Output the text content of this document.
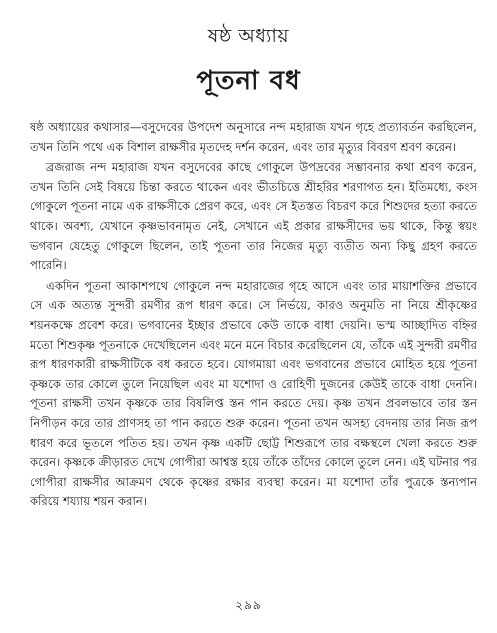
ষষ্ঠ অধ্যায়
পূতনা বধ

ষষ্ঠ অধ্যায়ের কথাসার—বসুদেবের উপদেশ অনুসারে নন্দ মহারাজ যখন গৃহে প্রত্যাবর্তন করছিলেন, তখন তিনি পথে এক বিশাল রাক্ষসীর মৃতদেহ দর্শন করেন, এবং তার মৃত্যুর বিবরণ শ্রবণ করেন।

ব্রজরাজ নন্দ মহারাজ যখন বসুদেবের কাছে গোকুলে উপদ্রবের সম্ভাবনার কথা শ্রবণ করেন, তখন তিনি সেই বিষয়ে চিন্তা করতে থাকেন এবং ভীতচিত্তে শ্রীহরির শরণাগত হন। ইতিমধ্যে, কংস গোকুলে পূতনা নামে এক রাক্ষসীকে প্রেরণ করে, এবং সে ইতস্তত বিচরণ করে শিশুদের হত্যা করতে থাকে। অবশ্য, যেখানে কৃষ্ণভাবনামৃত নেই, সেখানে এই প্রকার রাক্ষসীদের ভয় থাকে, কিন্তু স্বয়ং ভগবান যেহেতু গোকুলে ছিলেন, তাই পূতনা তার নিজের মৃত্যু ব্যতীত অন্য কিছু গ্রহণ করতে পারেনি।

একদিন পূতনা আকাশপথে গোকুলে নন্দ মহারাজের গৃহে আসে এবং তার মায়াশক্তির প্রভাবে সে এক অত্যন্ত সুন্দরী রমণীর রূপ ধারণ করে। সে নির্ভয়ে, কারও অনুমতি না নিয়ে শ্রীকৃষ্ণের শয়নকক্ষে প্রবেশ করে। ভগবানের ইচ্ছার প্রভাবে কেউ তাকে বাধা দেয়নি। ভস্ম আচ্ছাদিত বহ্নির মতো শিশুকৃষ্ণ পূতনাকে দেখেছিলেন এবং মনে মনে বিচার করেছিলেন যে, তাঁকে এই সুন্দরী রমণীর রূপ ধারণকারী রাক্ষসীটিকে বধ করতে হবে। যোগমায়া এবং ভগবানের প্রভাবে মোহিত হয়ে পূতনা কৃষ্ণকে তার কোলে তুলে নিয়েছিল এবং মা যশোদা ও রোহিণী দুজনের কেউই তাকে বাধা দেননি। পূতনা রাক্ষসী তখন কৃষ্ণকে তার বিষলিপ্ত স্তন পান করতে দেয়। কৃষ্ণ তখন প্রবলভাবে তার স্তন নিপীড়ন করে তার প্রাণসহ তা পান করতে শুরু করেন। পূতনা তখন অসহ্য বেদনায় তার নিজ রূপ ধারণ করে ভূতলে পতিত হয়। তখন কৃষ্ণ একটি ছোট্ট শিশুরূপে তার বক্ষস্থলে খেলা করতে শুরু করেন। কৃষ্ণকে ক্রীড়ারত দেখে গোপীরা আশ্বস্ত হয়ে তাঁকে তাঁদের কোলে তুলে নেন। এই ঘটনার পর গোপীরা রাক্ষসীর আক্রমণ থেকে কৃষ্ণের রক্ষার ব্যবস্থা করেন। মা যশোদা তাঁর পুত্রকে স্তন্যপান করিয়ে শয্যায় শয়ন করান।

২৯৯
